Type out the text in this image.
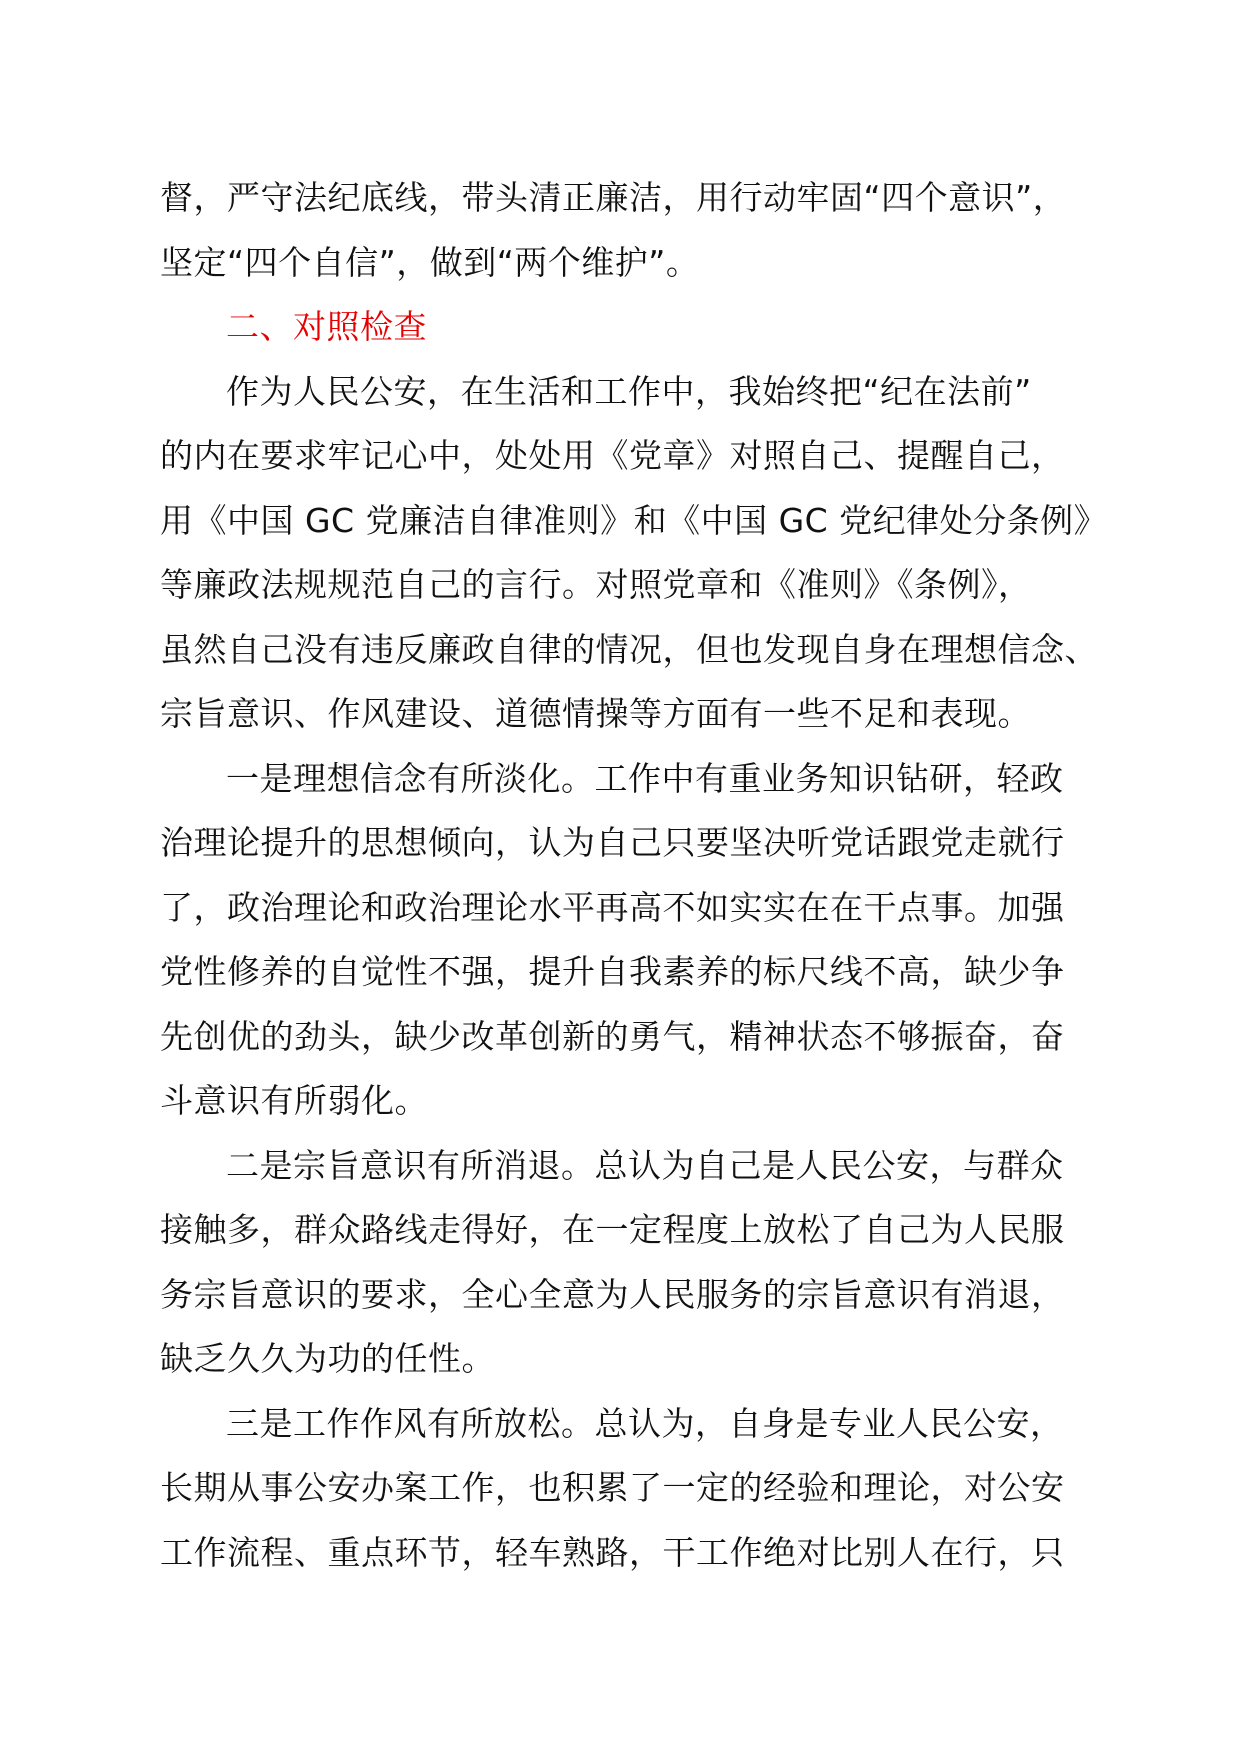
督，严守法纪底线，带头清正廉洁，用行动牢固“四个意识”，
坚定“四个自信”，做到“两个维护”。
二、对照检查
作为人民公安，在生活和工作中，我始终把“纪在法前”
的内在要求牢记心中，处处用《党章》对照自己、提醒自己，
用《中国 GC 党廉洁自律准则》和《中国 GC 党纪律处分条例》
等廉政法规规范自己的言行。对照党章和《准则》《条例》，
虽然自己没有违反廉政自律的情况，但也发现自身在理想信念、
宗旨意识、作风建设、道德情操等方面有一些不足和表现。
一是理想信念有所淡化。工作中有重业务知识钻研，轻政
治理论提升的思想倾向，认为自己只要坚决听党话跟党走就行
了，政治理论和政治理论水平再高不如实实在在干点事。加强
党性修养的自觉性不强，提升自我素养的标尺线不高，缺少争
先创优的劲头，缺少改革创新的勇气，精神状态不够振奋，奋
斗意识有所弱化。
二是宗旨意识有所消退。总认为自己是人民公安，与群众
接触多，群众路线走得好，在一定程度上放松了自己为人民服
务宗旨意识的要求，全心全意为人民服务的宗旨意识有消退，
缺乏久久为功的任性。
三是工作作风有所放松。总认为，自身是专业人民公安，
长期从事公安办案工作，也积累了一定的经验和理论，对公安
工作流程、重点环节，轻车熟路，干工作绝对比别人在行，只
